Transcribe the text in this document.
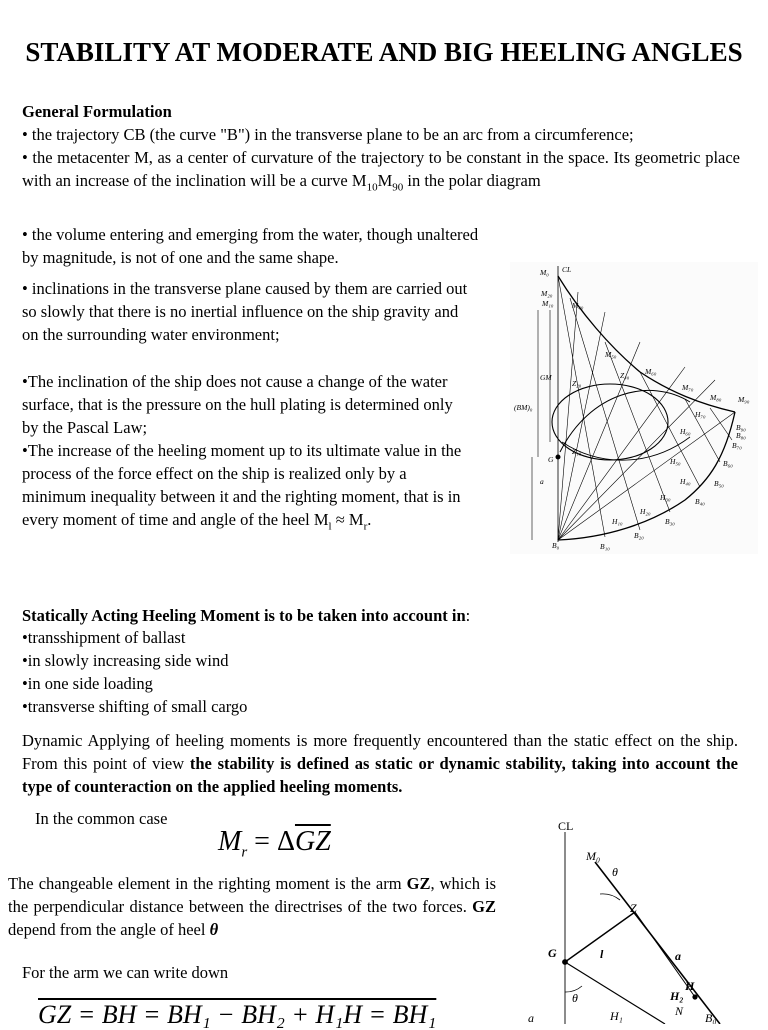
STABILITY AT MODERATE AND BIG HEELING ANGLES
General Formulation
• the trajectory CB (the curve "B") in the transverse plane to be an arc from a circumference;
• the metacenter M, as a center of curvature of the trajectory to be constant in the space. Its geometric place with an increase of the inclination will be a curve $M_{10}M_{90}$ in the polar diagram
• the volume entering and emerging from the water, though unaltered by magnitude, is not of one and the same shape.
• inclinations in the transverse plane caused by them are carried out so slowly that there is no inertial influence on the ship gravity and on the surrounding water environment;
•The inclination of the ship does not cause a change of the water surface, that is the pressure on the hull plating is determined only by the Pascal Law;
•The increase of the heeling moment up to its ultimate value in the process of the force effect on the ship is realized only by a minimum inequality between it and the righting moment, that is in every moment of time and angle of the heel $M_l \approx M_r$.
M₀ CL
M₂₀
M₁₀ M₄₀
M₅₀
M₆₀
M₇₀
M₈₀ M₉₀
GM
(BM)₀
G
a
Z₂₀
Z₄₀
Z₁₀
B₀	B₁₀
B₂₀
B₃₀
B₄₀
B₅₀
B₆₀
B₇₀
B₈₀
B₉₀
H₁₀
H₂₀
H₃₀
H₄₀
H₅₀
H₆₀
H₇₀
Statically Acting Heeling Moment is to be taken into account in:
•transshipment of ballast
•in slowly increasing side wind
•in one side loading
•transverse shifting of small cargo
Dynamic Applying of heeling moments is more frequently encountered than the static effect on the ship. From this point of view the stability is defined as static or dynamic stability, taking into account the type of counteraction on the applied heeling moments.
In the common case
$M_r = \Delta\overline{GZ}$
The changeable element in the righting moment is the arm GZ, which is the perpendicular distance between the directrises of the two forces. GZ depend from the angle of heel θ
For the arm we can write down
GZ = BH = BH₁ − BH₂ + H₁H = BH₁
CL
M₀
θ
Z
G	l	a
θ	H₂
H
N B₀
H₁
a
